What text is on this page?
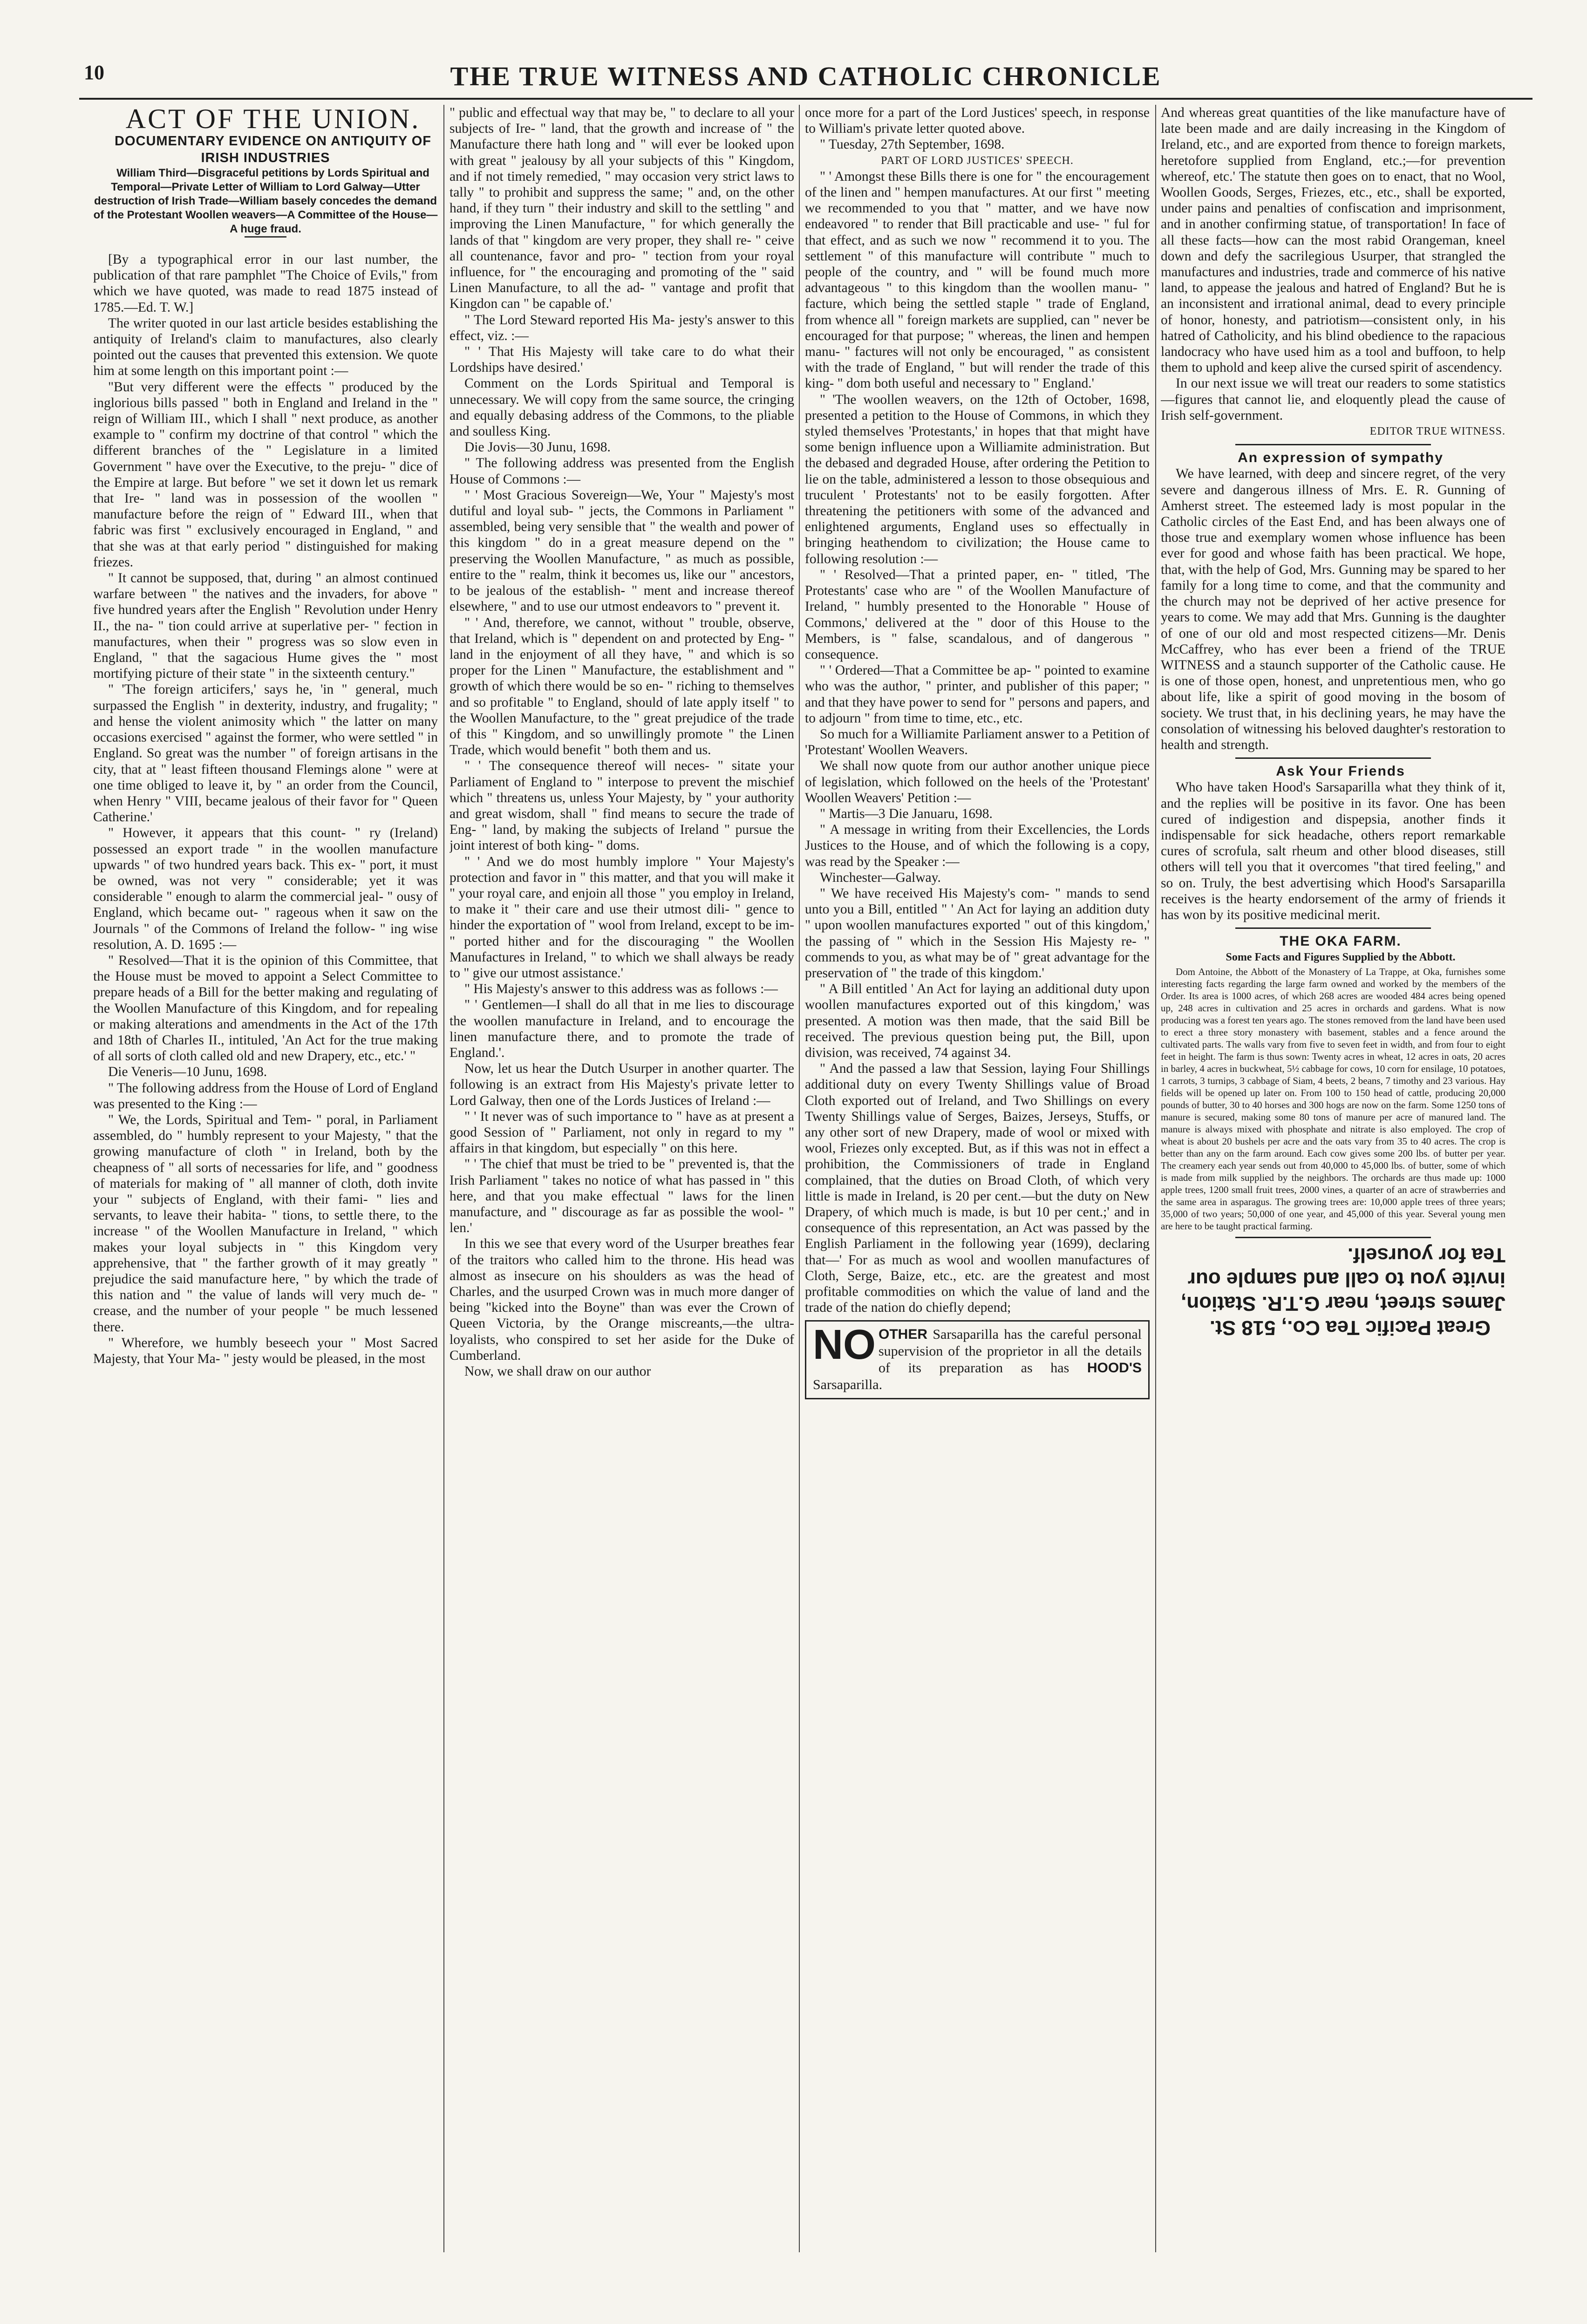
10	THE TRUE WITNESS AND CATHOLIC CHRONICLE

ACT OF THE UNION.

DOCUMENTARY EVIDENCE ON ANTIQUITY OF IRISH INDUSTRIES

William Third—Disgraceful petitions by Lords Spiritual and Temporal—Private Letter of William to Lord Galway—Utter destruction of Irish Trade—William basely concedes the demand of the Protestant Woollen weavers—A Committee of the House—A huge fraud.

[By a typographical error in our last number, the publication of that rare pamphlet "The Choice of Evils," from which we have quoted, was made to read 1875 instead of 1785.—Ed. T. W.]

The writer quoted in our last article besides establishing the antiquity of Ireland's claim to manufactures, also clearly pointed out the causes that prevented this extension. We quote him at some length on this important point :—

"But very different were the effects " produced by the inglorious bills passed " both in England and Ireland in the " reign of William III., which I shall " next produce, as another example to " confirm my doctrine of that control " which the different branches of the " Legislature in a limited Government " have over the Executive, to the preju- " dice of the Empire at large. But before " we set it down let us remark that Ire- " land was in possession of the woollen " manufacture before the reign of " Edward III., when that fabric was first " exclusively encouraged in England, " and that she was at that early period " distinguished for making friezes.

" It cannot be supposed, that, during " an almost continued warfare between " the natives and the invaders, for above " five hundred years after the English " Revolution under Henry II., the na- " tion could arrive at superlative per- " fection in manufactures, when their " progress was so slow even in England, " that the sagacious Hume gives the " most mortifying picture of their state " in the sixteenth century."

" 'The foreign articifers,' says he, 'in " general, much surpassed the English " in dexterity, industry, and frugality; " and hense the violent animosity which " the latter on many occasions exercised " against the former, who were settled " in England. So great was the number " of foreign artisans in the city, that at " least fifteen thousand Flemings alone " were at one time obliged to leave it, by " an order from the Council, when Henry " VIII, became jealous of their favor for " Queen Catherine.'

" However, it appears that this count- " ry (Ireland) possessed an export trade " in the woollen manufacture upwards " of two hundred years back. This ex- " port, it must be owned, was not very " considerable; yet it was considerable " enough to alarm the commercial jeal- " ousy of England, which became out- " rageous when it saw on the Journals " of the Commons of Ireland the follow- " ing wise resolution, A. D. 1695 :—

" Resolved—That it is the opinion of this Committee, that the House must be moved to appoint a Select Committee to prepare heads of a Bill for the better making and regulating of the Woollen Manufacture of this Kingdom, and for repealing or making alterations and amendments in the Act of the 17th and 18th of Charles II., intituled, 'An Act for the true making of all sorts of cloth called old and new Drapery, etc., etc.' "

Die Veneris—10 Junu, 1698.

" The following address from the House of Lord of England was presented to the King :—

" We, the Lords, Spiritual and Tem- " poral, in Parliament assembled, do " humbly represent to your Majesty, " that the growing manufacture of cloth " in Ireland, both by the cheapness of " all sorts of necessaries for life, and " goodness of materials for making of " all manner of cloth, doth invite your " subjects of England, with their fami- " lies and servants, to leave their habita- " tions, to settle there, to the increase " of the Woollen Manufacture in Ireland, " which makes your loyal subjects in " this Kingdom very apprehensive, that " the farther growth of it may greatly " prejudice the said manufacture here, " by which the trade of this nation and " the value of lands will very much de- " crease, and the number of your people " be much lessened there.

" Wherefore, we humbly beseech your " Most Sacred Majesty, that Your Ma- " jesty would be pleased, in the most

" public and effectual way that may be, " to declare to all your subjects of Ire- " land, that the growth and increase of " the Manufacture there hath long and " will ever be looked upon with great " jealousy by all your subjects of this " Kingdom, and if not timely remedied, " may occasion very strict laws to tally " to prohibit and suppress the same; " and, on the other hand, if they turn " their industry and skill to the settling " and improving the Linen Manufacture, " for which generally the lands of that " kingdom are very proper, they shall re- " ceive all countenance, favor and pro- " tection from your royal influence, for " the encouraging and promoting of the " said Linen Manufacture, to all the ad- " vantage and profit that Kingdon can " be capable of.'

" The Lord Steward reported His Ma- jesty's answer to this effect, viz. :—

" ' That His Majesty will take care to do what their Lordships have desired.'

Comment on the Lords Spiritual and Temporal is unnecessary. We will copy from the same source, the cringing and equally debasing address of the Commons, to the pliable and soulless King.

Die Jovis—30 Junu, 1698.

" The following address was presented from the English House of Commons :—

" ' Most Gracious Sovereign—We, Your " Majesty's most dutiful and loyal sub- " jects, the Commons in Parliament " assembled, being very sensible that " the wealth and power of this kingdom " do in a great measure depend on the " preserving the Woollen Manufacture, " as much as possible, entire to the " realm, think it becomes us, like our " ancestors, to be jealous of the establish- " ment and increase thereof elsewhere, " and to use our utmost endeavors to " prevent it.

" ' And, therefore, we cannot, without " trouble, observe, that Ireland, which is " dependent on and protected by Eng- " land in the enjoyment of all they have, " and which is so proper for the Linen " Manufacture, the establishment and " growth of which there would be so en- " riching to themselves and so profitable " to England, should of late apply itself " to the Woollen Manufacture, to the " great prejudice of the trade of this " Kingdom, and so unwillingly promote " the Linen Trade, which would benefit " both them and us.

" ' The consequence thereof will neces- " sitate your Parliament of England to " interpose to prevent the mischief which " threatens us, unless Your Majesty, by " your authority and great wisdom, shall " find means to secure the trade of Eng- " land, by making the subjects of Ireland " pursue the joint interest of both king- " doms.

" ' And we do most humbly implore " Your Majesty's protection and favor in " this matter, and that you will make it " your royal care, and enjoin all those " you employ in Ireland, to make it " their care and use their utmost dili- " gence to hinder the exportation of " wool from Ireland, except to be im- " ported hither and for the discouraging " the Woollen Manufactures in Ireland, " to which we shall always be ready to " give our utmost assistance.'

" His Majesty's answer to this address was as follows :—

" ' Gentlemen—I shall do all that in me lies to discourage the woollen manufacture in Ireland, and to encourage the linen manufacture there, and to promote the trade of England.'.

Now, let us hear the Dutch Usurper in another quarter. The following is an extract from His Majesty's private letter to Lord Galway, then one of the Lords Justices of Ireland :—

" ' It never was of such importance to " have as at present a good Session of " Parliament, not only in regard to my " affairs in that kingdom, but especially " on this here.

" ' The chief that must be tried to be " prevented is, that the Irish Parliament " takes no notice of what has passed in " this here, and that you make effectual " laws for the linen manufacture, and " discourage as far as possible the wool- " len.'

In this we see that every word of the Usurper breathes fear of the traitors who called him to the throne. His head was almost as insecure on his shoulders as was the head of Charles, and the usurped Crown was in much more danger of being "kicked into the Boyne" than was ever the Crown of Queen Victoria, by the Orange miscreants,—the ultra-loyalists, who conspired to set her aside for the Duke of Cumberland.

Now, we shall draw on our author

once more for a part of the Lord Justices' speech, in response to William's private letter quoted above.

" Tuesday, 27th September, 1698.

PART OF LORD JUSTICES' SPEECH.

" ' Amongst these Bills there is one for " the encouragement of the linen and " hempen manufactures. At our first " meeting we recommended to you that " matter, and we have now endeavored " to render that Bill practicable and use- " ful for that effect, and as such we now " recommend it to you. The settlement " of this manufacture will contribute " much to people of the country, and " will be found much more advantageous " to this kingdom than the woollen manu- " facture, which being the settled staple " trade of England, from whence all " foreign markets are supplied, can " never be encouraged for that purpose; " whereas, the linen and hempen manu- " factures will not only be encouraged, " as consistent with the trade of England, " but will render the trade of this king- " dom both useful and necessary to " England.'

" 'The woollen weavers, on the 12th of October, 1698, presented a petition to the House of Commons, in which they styled themselves 'Protestants,' in hopes that that might have some benign influence upon a Williamite administration. But the debased and degraded House, after ordering the Petition to lie on the table, administered a lesson to those obsequious and truculent ' Protestants' not to be easily forgotten. After threatening the petitioners with some of the advanced and enlightened arguments, England uses so effectually in bringing heathendom to civilization; the House came to following resolution :—

" ' Resolved—That a printed paper, en- " titled, 'The Protestants' case who are " of the Woollen Manufacture of Ireland, " humbly presented to the Honorable " House of Commons,' delivered at the " door of this House to the Members, is " false, scandalous, and of dangerous " consequence.

" ' Ordered—That a Committee be ap- " pointed to examine who was the author, " printer, and publisher of this paper; " and that they have power to send for " persons and papers, and to adjourn " from time to time, etc., etc.

So much for a Williamite Parliament answer to a Petition of 'Protestant' Woollen Weavers.

We shall now quote from our author another unique piece of legislation, which followed on the heels of the 'Protestant' Woollen Weavers' Petition :—

" Martis—3 Die Januaru, 1698.

" A message in writing from their Excellencies, the Lords Justices to the House, and of which the following is a copy, was read by the Speaker :—

Winchester—Galway.

" We have received His Majesty's com- " mands to send unto you a Bill, entitled " ' An Act for laying an addition duty " upon woollen manufactures exported " out of this kingdom,' the passing of " which in the Session His Majesty re- " commends to you, as what may be of " great advantage for the preservation of " the trade of this kingdom.'

" A Bill entitled ' An Act for laying an additional duty upon woollen manufactures exported out of this kingdom,' was presented. A motion was then made, that the said Bill be received. The previous question being put, the Bill, upon division, was received, 74 against 34.

" And the passed a law that Session, laying Four Shillings additional duty on every Twenty Shillings value of Broad Cloth exported out of Ireland, and Two Shillings on every Twenty Shillings value of Serges, Baizes, Jerseys, Stuffs, or any other sort of new Drapery, made of wool or mixed with wool, Friezes only excepted. But, as if this was not in effect a prohibition, the Commissioners of trade in England complained, that the duties on Broad Cloth, of which very little is made in Ireland, is 20 per cent.—but the duty on New Drapery, of which much is made, is but 10 per cent.;' and in consequence of this representation, an Act was passed by the English Parliament in the following year (1699), declaring that—' For as much as wool and woollen manufactures of Cloth, Serge, Baize, etc., etc. are the greatest and most profitable commodities on which the value of land and the trade of the nation do chiefly depend;

NO OTHER Sarsaparilla has the careful personal supervision of the proprietor in all the details of its preparation as has HOOD'S Sarsaparilla.

And whereas great quantities of the like manufacture have of late been made and are daily increasing in the Kingdom of Ireland, etc., and are exported from thence to foreign markets, heretofore supplied from England, etc.;—for prevention whereof, etc.' The statute then goes on to enact, that no Wool, Woollen Goods, Serges, Friezes, etc., etc., shall be exported, under pains and penalties of confiscation and imprisonment, and in another confirming statue, of transportation! In face of all these facts—how can the most rabid Orangeman, kneel down and defy the sacrilegious Usurper, that strangled the manufactures and industries, trade and commerce of his native land, to appease the jealous and hatred of England? But he is an inconsistent and irrational animal, dead to every principle of honor, honesty, and patriotism—consistent only, in his hatred of Catholicity, and his blind obedience to the rapacious landocracy who have used him as a tool and buffoon, to help them to uphold and keep alive the cursed spirit of ascendency.

In our next issue we will treat our readers to some statistics—figures that cannot lie, and eloquently plead the cause of Irish self-government.

EDITOR TRUE WITNESS.

An expression of sympathy

We have learned, with deep and sincere regret, of the very severe and dangerous illness of Mrs. E. R. Gunning of Amherst street. The esteemed lady is most popular in the Catholic circles of the East End, and has been always one of those true and exemplary women whose influence has been ever for good and whose faith has been practical. We hope, that, with the help of God, Mrs. Gunning may be spared to her family for a long time to come, and that the community and the church may not be deprived of her active presence for years to come. We may add that Mrs. Gunning is the daughter of one of our old and most respected citizens—Mr. Denis McCaffrey, who has ever been a friend of the TRUE WITNESS and a staunch supporter of the Catholic cause. He is one of those open, honest, and unpretentious men, who go about life, like a spirit of good moving in the bosom of society. We trust that, in his declining years, he may have the consolation of witnessing his beloved daughter's restoration to health and strength.

Ask Your Friends

Who have taken Hood's Sarsaparilla what they think of it, and the replies will be positive in its favor. One has been cured of indigestion and dispepsia, another finds it indispensable for sick headache, others report remarkable cures of scrofula, salt rheum and other blood diseases, still others will tell you that it overcomes "that tired feeling," and so on. Truly, the best advertising which Hood's Sarsaparilla receives is the hearty endorsement of the army of friends it has won by its positive medicinal merit.

THE OKA FARM.

Some Facts and Figures Supplied by the Abbott.

Dom Antoine, the Abbott of the Monastery of La Trappe, at Oka, furnishes some interesting facts regarding the large farm owned and worked by the members of the Order. Its area is 1000 acres, of which 268 acres are wooded 484 acres being opened up, 248 acres in cultivation and 25 acres in orchards and gardens. What is now producing was a forest ten years ago. The stones removed from the land have been used to erect a three story monastery with basement, stables and a fence around the cultivated parts. The walls vary from five to seven feet in width, and from four to eight feet in height. The farm is thus sown: Twenty acres in wheat, 12 acres in oats, 20 acres in barley, 4 acres in buckwheat, 5½ cabbage for cows, 10 corn for ensilage, 10 potatoes, 1 carrots, 3 turnips, 3 cabbage of Siam, 4 beets, 2 beans, 7 timothy and 23 various. Hay fields will be opened up later on. From 100 to 150 head of cattle, producing 20,000 pounds of butter, 30 to 40 horses and 300 hogs are now on the farm. Some 1250 tons of manure is secured, making some 80 tons of manure per acre of manured land. The manure is always mixed with phosphate and nitrate is also employed. The crop of wheat is about 20 bushels per acre and the oats vary from 35 to 40 acres. The crop is better than any on the farm around. Each cow gives some 200 lbs. of butter per year. The creamery each year sends out from 40,000 to 45,000 lbs. of butter, some of which is made from milk supplied by the neighbors. The orchards are thus made up: 1000 apple trees, 1200 small fruit trees, 2000 vines, a quarter of an acre of strawberries and the same area in asparagus. The growing trees are: 10,000 apple trees of three years; 35,000 of two years; 50,000 of one year, and 45,000 of this year. Several young men are here to be taught practical farming.

Great Pacific Tea Co., 518 St. James street, near G.T.R. Station, invite you to call and sample our Tea for yourself.
